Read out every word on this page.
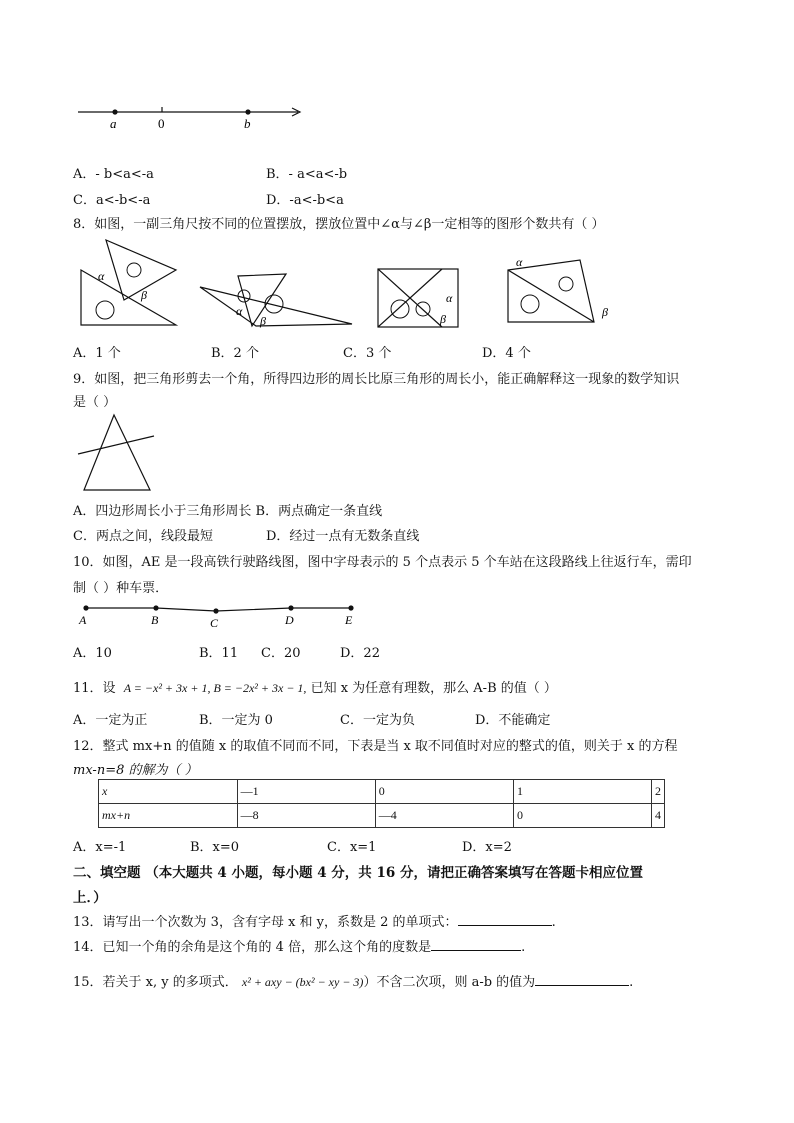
a	0	b
A．- b<a<-a	B．- a<a<-b
C．a<-b<-a	D．-a<-b<a
8．如图，一副三角尺按不同的位置摆放，摆放位置中∠α与∠β一定相等的图形个数共有（ ）
α
β
α
β
α
β
α
β
A．1 个	B．2 个	C．3 个	D．4 个
9．如图，把三角形剪去一个角，所得四边形的周长比原三角形的周长小，能正确解释这一现象的数学知识
是（ ）
A．四边形周长小于三角形周长 B．两点确定一条直线
C．两点之间，线段最短	D．经过一点有无数条直线
10．如图，AE 是一段高铁行驶路线图，图中字母表示的 5 个点表示 5 个车站在这段路线上往返行车，需印
制（ ）种车票．
A	B	C	D	E
A．10	B．11 C．20	D．22
11．设 A = −x² + 3x + 1, B = −2x² + 3x − 1, 已知 x 为任意有理数，那么 A-B 的值（ ）
A．一定为正	B．一定为 0	C．一定为负	D．不能确定
12．整式 mx+n 的值随 x 的取值不同而不同，下表是当 x 取不同值时对应的整式的值，则关于 x 的方程
mx-n=8 的解为（ ）
x	—1	0	1	2
mx+n	—8	—4	0	4
A．x=-1	B．x=0	C．x=1	D．x=2
二、填空题 （本大题共 4 小题，每小题 4 分，共 16 分，请把正确答案填写在答题卡相应位置
上．）
13．请写出一个次数为 3，含有字母 x 和 y，系数是 2 的单项式：	.
14．已知一个角的余角是这个角的 4 倍，那么这个角的度数是	.
15．若关于 x, y 的多项式． x² + axy − (bx² − xy − 3)）不含二次项，则 a-b 的值为	.
